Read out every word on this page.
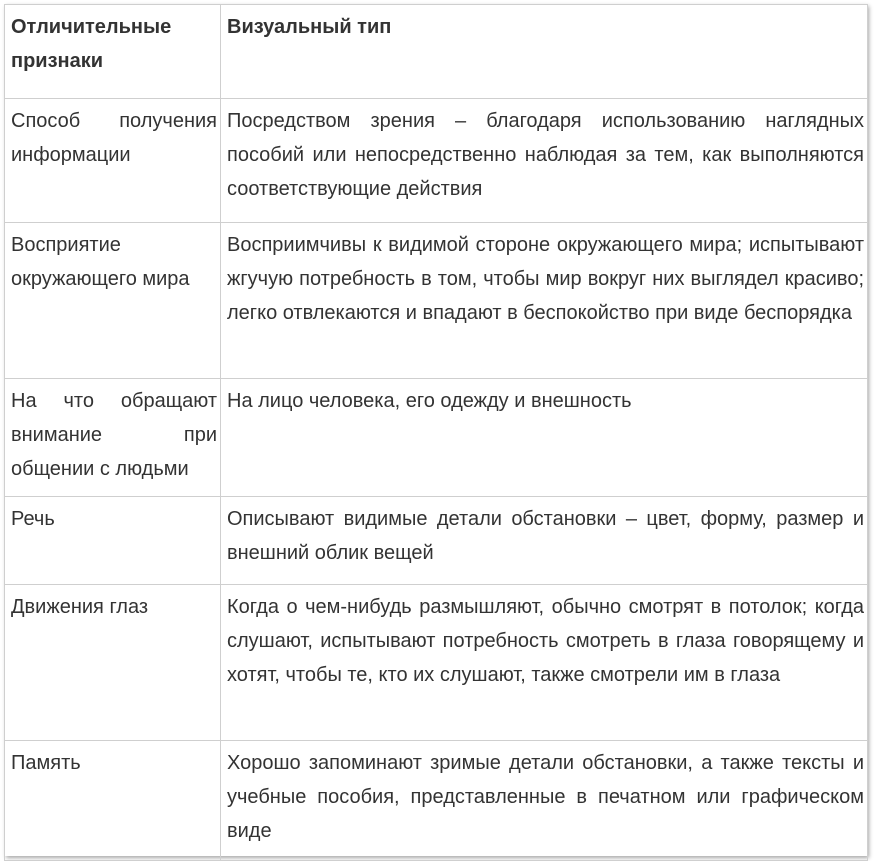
Отличительные признаки	Визуальный тип

Способ получения информации	Посредством зрения – благодаря использованию наглядных пособий или непосредственно наблюдая за тем, как выполняются соответствующие действия

Восприятие окружающего мира	Восприимчивы к видимой стороне окружающего мира; испытывают жгучую потребность в том, чтобы мир вокруг них выглядел красиво; легко отвлекаются и впадают в беспокойство при виде беспорядка

На что обращают внимание при общении с людьми	На лицо человека, его одежду и внешность

Речь	Описывают видимые детали обстановки – цвет, форму, размер и внешний облик вещей

Движения глаз	Когда о чем-нибудь размышляют, обычно смотрят в потолок; когда слушают, испытывают потребность смотреть в глаза говорящему и хотят, чтобы те, кто их слушают, также смотрели им в глаза

Память	Хорошо запоминают зримые детали обстановки, а также тексты и учебные пособия, представленные в печатном или графическом виде
